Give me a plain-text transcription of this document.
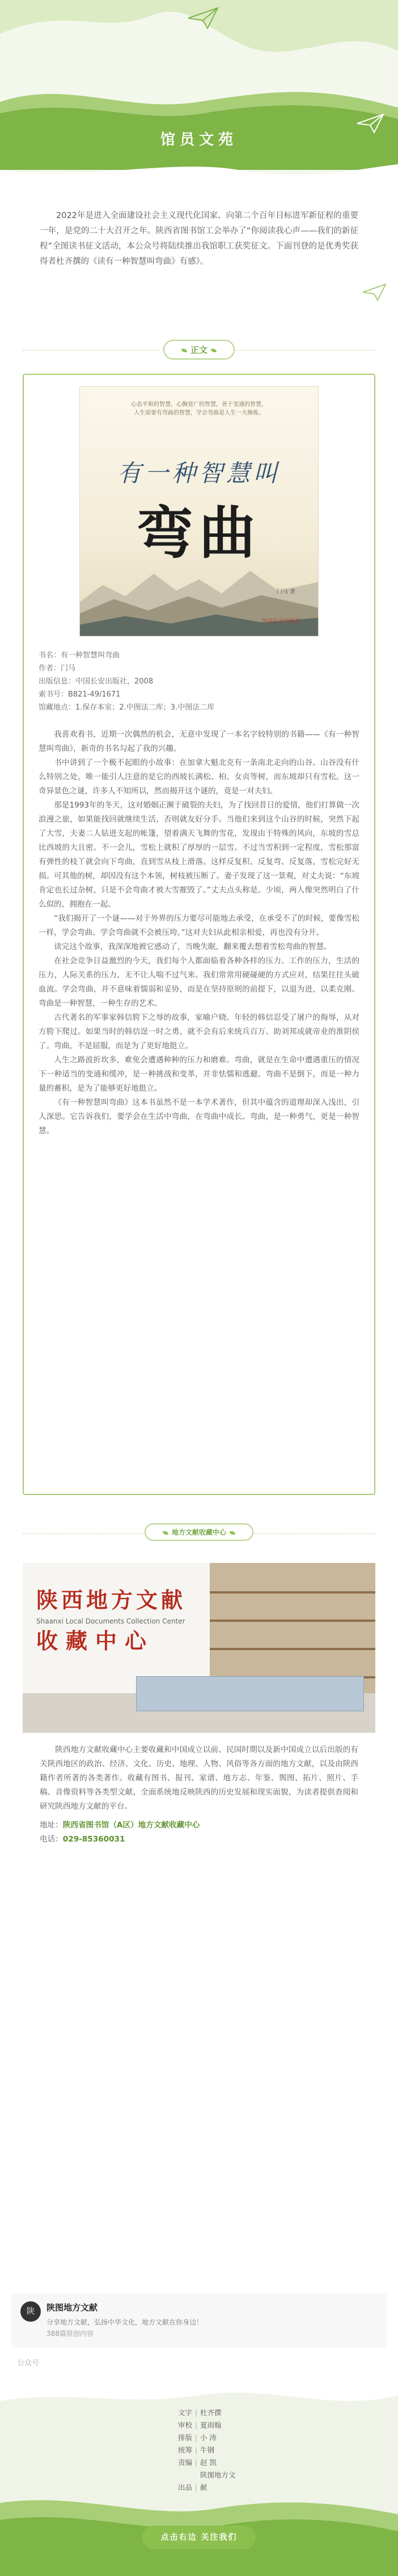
馆员文苑

2022年是进入全面建设社会主义现代化国家、向第二个百年目标进军新征程的重要一年，是党的二十大召开之年。陕西省图书馆工会举办了“你阅读我心声——我们的新征程”全图读书征文活动，本公众号将陆续推出我馆职工获奖征文。下面刊登的是优秀奖获得者杜齐撰的《读有一种智慧叫弯曲》有感》。

正文
心态平和的智慧，心胸宽广的智慧，善于变通的智慧，
人生需要有弯曲的智慧，学会弯曲是人生一大修炼。
有一种智慧叫
弯曲
门马 著
中国长安出版社
书名：有一种智慧叫弯曲
作者：门马
出版信息：中国长安出版社，2008
索书号：B821-49/1671
馆藏地点：1.保存本室；2.中图法二库；3.中图法二库

我喜欢看书，近期一次偶然的机会，无意中发现了一本名字较特别的书籍——《有一种智慧叫弯曲》，新奇的书名勾起了我的兴趣。

书中讲到了一个极不起眼的小故事：在加拿大魁北克有一条南北走向的山谷。山谷没有什么特别之处，唯一能引人注意的是它的西坡长满松、柏、女贞等树，而东坡却只有雪松。这一奇异景色之谜，许多人不知所以，然而揭开这个谜的，竟是一对夫妇。

那是1993年的冬天，这对婚姻正濒于破裂的夫妇，为了找回昔日的爱情，他们打算做一次浪漫之旅，如果能找回就继续生活，否则就友好分手。当他们来到这个山谷的时候，突然下起了大雪，夫妻二人钻进支起的帐篷，望着满天飞舞的雪花，发现由于特殊的风向，东坡的雪总比西坡的大且密。不一会儿，雪松上就积了厚厚的一层雪。不过当雪积到一定程度，雪松那富有弹性的枝丫就会向下弯曲，直到雪从枝上滑落。这样反复积、反复弯、反复落，雪松完好无损。可其他的树，却因没有这个本领，树枝被压断了。妻子发现了这一景观，对丈夫说：“东坡肯定也长过杂树，只是不会弯曲才被大雪摧毁了。”丈夫点头称是。少顷，两人像突然明白了什么似的，拥抱在一起。

“我们揭开了一个谜——对于外界的压力要尽可能地去承受，在承受不了的时候，要像雪松一样，学会弯曲。学会弯曲就不会被压垮。”这对夫妇从此相亲相爱，再也没有分开。

读完这个故事，我深深地被它感动了，当晚失眠，翻来覆去想着雪松弯曲的智慧。

在社会竞争日益激烈的今天，我们每个人都面临着各种各样的压力。工作的压力，生活的压力，人际关系的压力，无不让人喘不过气来。我们常常用硬碰硬的方式应对，结果往往头破血流。学会弯曲，并不意味着懦弱和妥协，而是在坚持原则的前提下，以退为进，以柔克刚。弯曲是一种智慧，一种生存的艺术。

古代著名的军事家韩信胯下之辱的故事，家喻户晓。年轻的韩信忍受了屠户的侮辱，从对方胯下爬过。如果当时的韩信逞一时之勇，就不会有后来统兵百万、助刘邦成就帝业的淮阴侯了。弯曲，不是屈服，而是为了更好地挺立。

人生之路波折坎多，难免会遭遇种种的压力和磨难。弯曲，就是在生命中遭遇重压的情况下一种适当的变通和缓冲，是一种挑战和变革，并非怯懦和逃避。弯曲不是倒下，而是一种力量的蓄积，是为了能够更好地挺立。

《有一种智慧叫弯曲》这本书虽然不是一本学术著作，但其中蕴含的道理却深入浅出，引人深思。它告诉我们，要学会在生活中弯曲，在弯曲中成长。弯曲，是一种勇气，更是一种智慧。

地方文献收藏中心
陕西地方文献
Shaanxi Local Documents Collection Center
收藏中心

陕西地方文献收藏中心主要收藏和中国成立以前、民国时期以及新中国成立以后出版的有关陕西地区的政治、经济、文化、历史、地理、人物、风俗等各方面的地方文献，以及由陕西籍作者所著的各类著作。收藏有图书、报刊、家谱、地方志、年鉴、舆图、拓片、照片、手稿、音像资料等各类型文献，全面系统地反映陕西的历史发展和现实面貌，为读者提供查阅和研究陕西地方文献的平台。

地址：陕西省图书馆（A区）地方文献收藏中心
电话：029-85360031
陕	陕图地方文献
分享地方文献，弘扬中华文化，地方文献在你身边！
388篇原创内容
公众号
文字 | 杜齐撰
审校 | 夏雨翰
排版 | 小 涛
统筹 | 牛钢
责编 | 赵 凯
出品 |陕图地方文献
点击右边 关注我们
